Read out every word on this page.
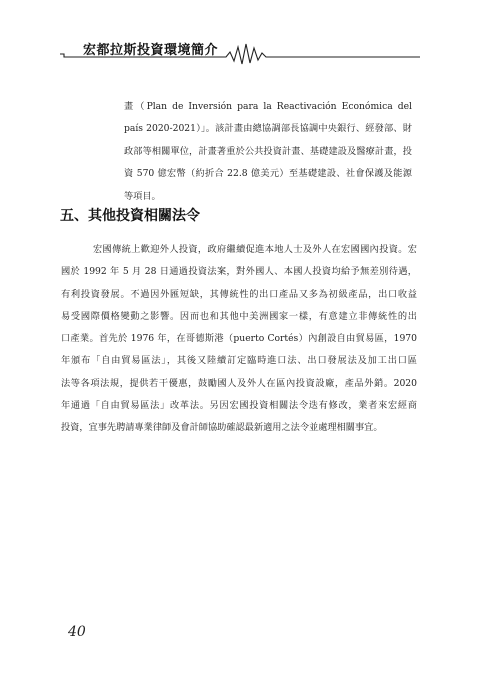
宏都拉斯投資環境簡介
畫（Plan de Inversión para la Reactivación Económica del país 2020-2021）」。該計畫由總協調部長協調中央銀行、經發部、財政部等相關單位，計畫著重於公共投資計畫、基礎建設及醫療計畫，投資 570 億宏幣（約折合 22.8 億美元）至基礎建設、社會保護及能源等項目。
五、其他投資相關法令
宏國傳統上歡迎外人投資，政府繼續促進本地人士及外人在宏國國內投資。宏
國於 1992 年 5 月 28 日通過投資法案，對外國人、本國人投資均給予無差別待遇，
有利投資發展。不過因外匯短缺，其傳統性的出口產品又多為初級產品，出口收益
易受國際價格變動之影響。因而也和其他中美洲國家一樣，有意建立非傳統性的出
口產業。首先於 1976 年，在哥德斯港（puerto Cortés）內創設自由貿易區，1970
年頒布「自由貿易區法」，其後又陸續訂定臨時進口法、出口發展法及加工出口區
法等各項法規，提供若干優惠，鼓勵國人及外人在區內投資設廠，產品外銷。2020
年通過「自由貿易區法」改革法。另因宏國投資相關法令迭有修改，業者來宏經商
投資，宜事先聘請專業律師及會計師協助確認最新適用之法令並處理相關事宜。
40
